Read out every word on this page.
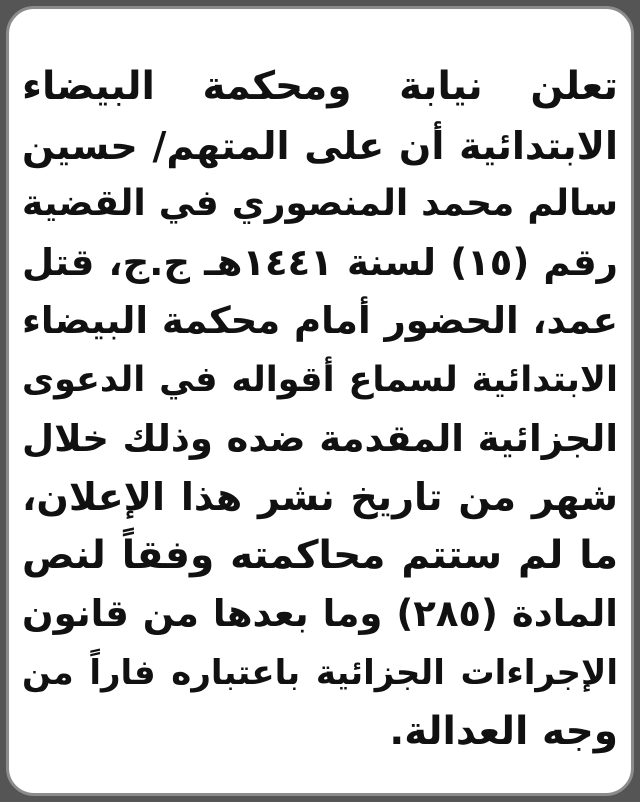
تعلن نيابة ومحكمة البيضاء
الابتدائية أن على المتهم/ حسين
سالم محمد المنصوري في القضية
رقم (١٥) لسنة ١٤٤١هـ ج.ج، قتل
عمد، الحضور أمام محكمة البيضاء
الابتدائية لسماع أقواله في الدعوى
الجزائية المقدمة ضده وذلك خلال
شهر من تاريخ نشر هذا الإعلان،
ما لم ستتم محاكمته وفقاً لنص
المادة (٢٨٥) وما بعدها من قانون
الإجراءات الجزائية باعتباره فاراً من
وجه العدالة.
